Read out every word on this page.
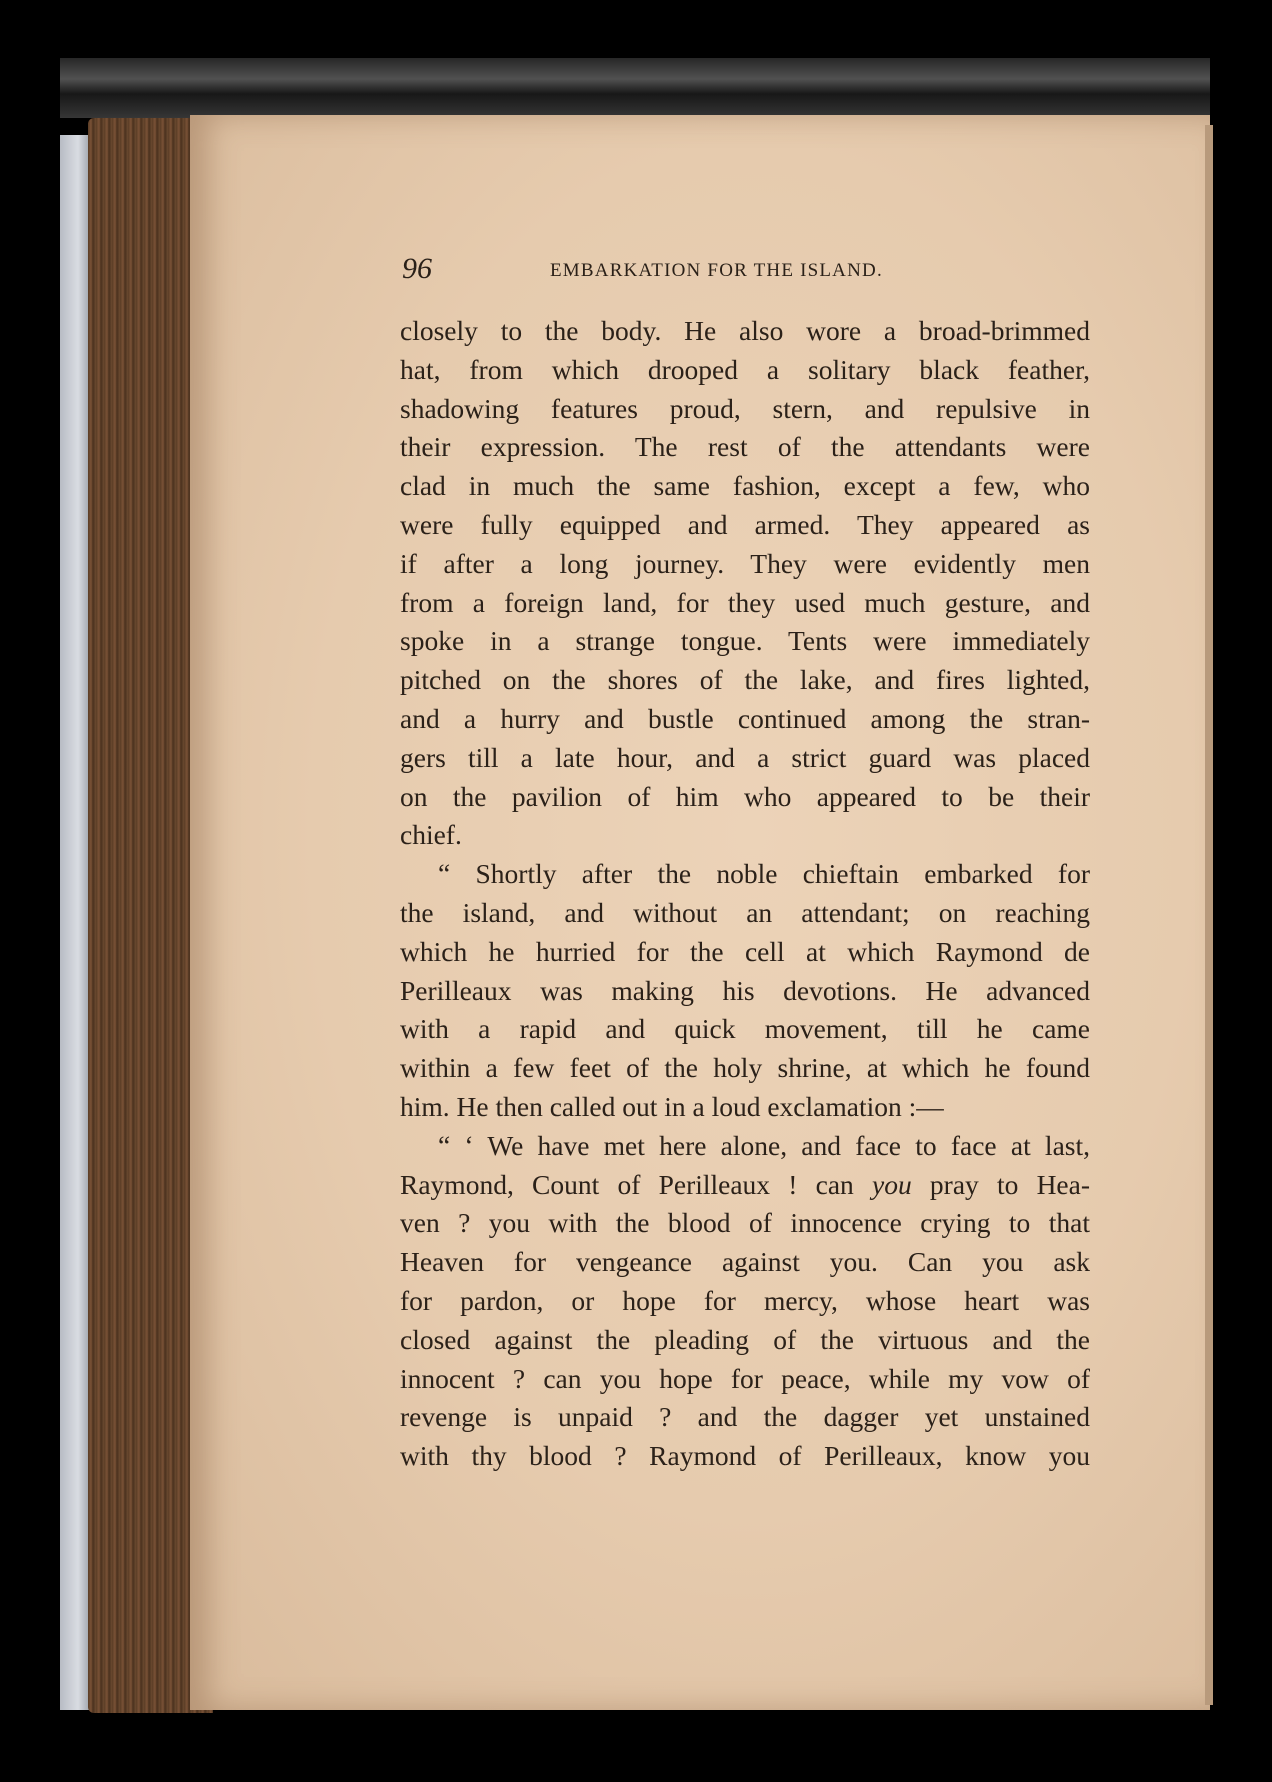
96	EMBARKATION FOR THE ISLAND.
closely to the body. He also wore a broad-brimmed
hat, from which drooped a solitary black feather,
shadowing features proud, stern, and repulsive in
their expression. The rest of the attendants were
clad in much the same fashion, except a few, who
were fully equipped and armed. They appeared as
if after a long journey. They were evidently men
from a foreign land, for they used much gesture, and
spoke in a strange tongue. Tents were immediately
pitched on the shores of the lake, and fires lighted,
and a hurry and bustle continued among the stran-
gers till a late hour, and a strict guard was placed
on the pavilion of him who appeared to be their
chief.
“ Shortly after the noble chieftain embarked for
the island, and without an attendant; on reaching
which he hurried for the cell at which Raymond de
Perilleaux was making his devotions. He advanced
with a rapid and quick movement, till he came
within a few feet of the holy shrine, at which he found
him. He then called out in a loud exclamation :—
“ ‘ We have met here alone, and face to face at last,
Raymond, Count of Perilleaux ! can you pray to Hea-
ven ? you with the blood of innocence crying to that
Heaven for vengeance against you. Can you ask
for pardon, or hope for mercy, whose heart was
closed against the pleading of the virtuous and the
innocent ? can you hope for peace, while my vow of
revenge is unpaid ? and the dagger yet unstained
with thy blood ? Raymond of Perilleaux, know you
